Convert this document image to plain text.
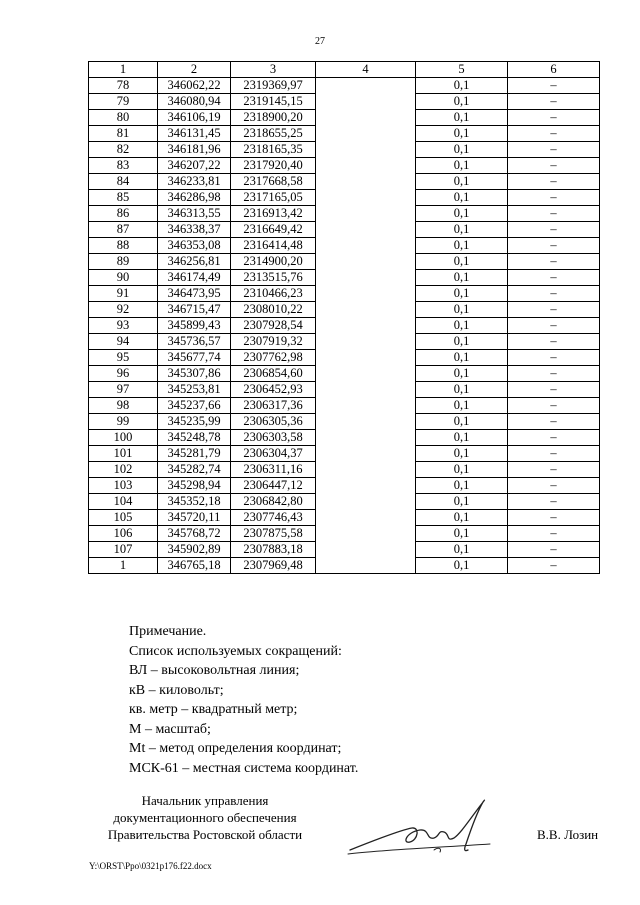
27
1	2	3	4	5	6
78	346062,22	2319369,97		0,1	–
79	346080,94	2319145,15		0,1	–
80	346106,19	2318900,20		0,1	–
81	346131,45	2318655,25		0,1	–
82	346181,96	2318165,35		0,1	–
83	346207,22	2317920,40		0,1	–
84	346233,81	2317668,58		0,1	–
85	346286,98	2317165,05		0,1	–
86	346313,55	2316913,42		0,1	–
87	346338,37	2316649,42		0,1	–
88	346353,08	2316414,48		0,1	–
89	346256,81	2314900,20		0,1	–
90	346174,49	2313515,76		0,1	–
91	346473,95	2310466,23		0,1	–
92	346715,47	2308010,22		0,1	–
93	345899,43	2307928,54		0,1	–
94	345736,57	2307919,32		0,1	–
95	345677,74	2307762,98		0,1	–
96	345307,86	2306854,60		0,1	–
97	345253,81	2306452,93		0,1	–
98	345237,66	2306317,36		0,1	–
99	345235,99	2306305,36		0,1	–
100	345248,78	2306303,58		0,1	–
101	345281,79	2306304,37		0,1	–
102	345282,74	2306311,16		0,1	–
103	345298,94	2306447,12		0,1	–
104	345352,18	2306842,80		0,1	–
105	345720,11	2307746,43		0,1	–
106	345768,72	2307875,58		0,1	–
107	345902,89	2307883,18		0,1	–
1	346765,18	2307969,48		0,1	–
Примечание.
Список используемых сокращений:
ВЛ – высоковольтная линия;
кВ – киловольт;
кв. метр – квадратный метр;
М – масштаб;
Mt – метод определения координат;
МСК-61 – местная система координат.
Начальник управления
документационного обеспечения
Правительства Ростовской области	В.В. Лозин
Y:\ORST\Ppo\0321p176.f22.docx
